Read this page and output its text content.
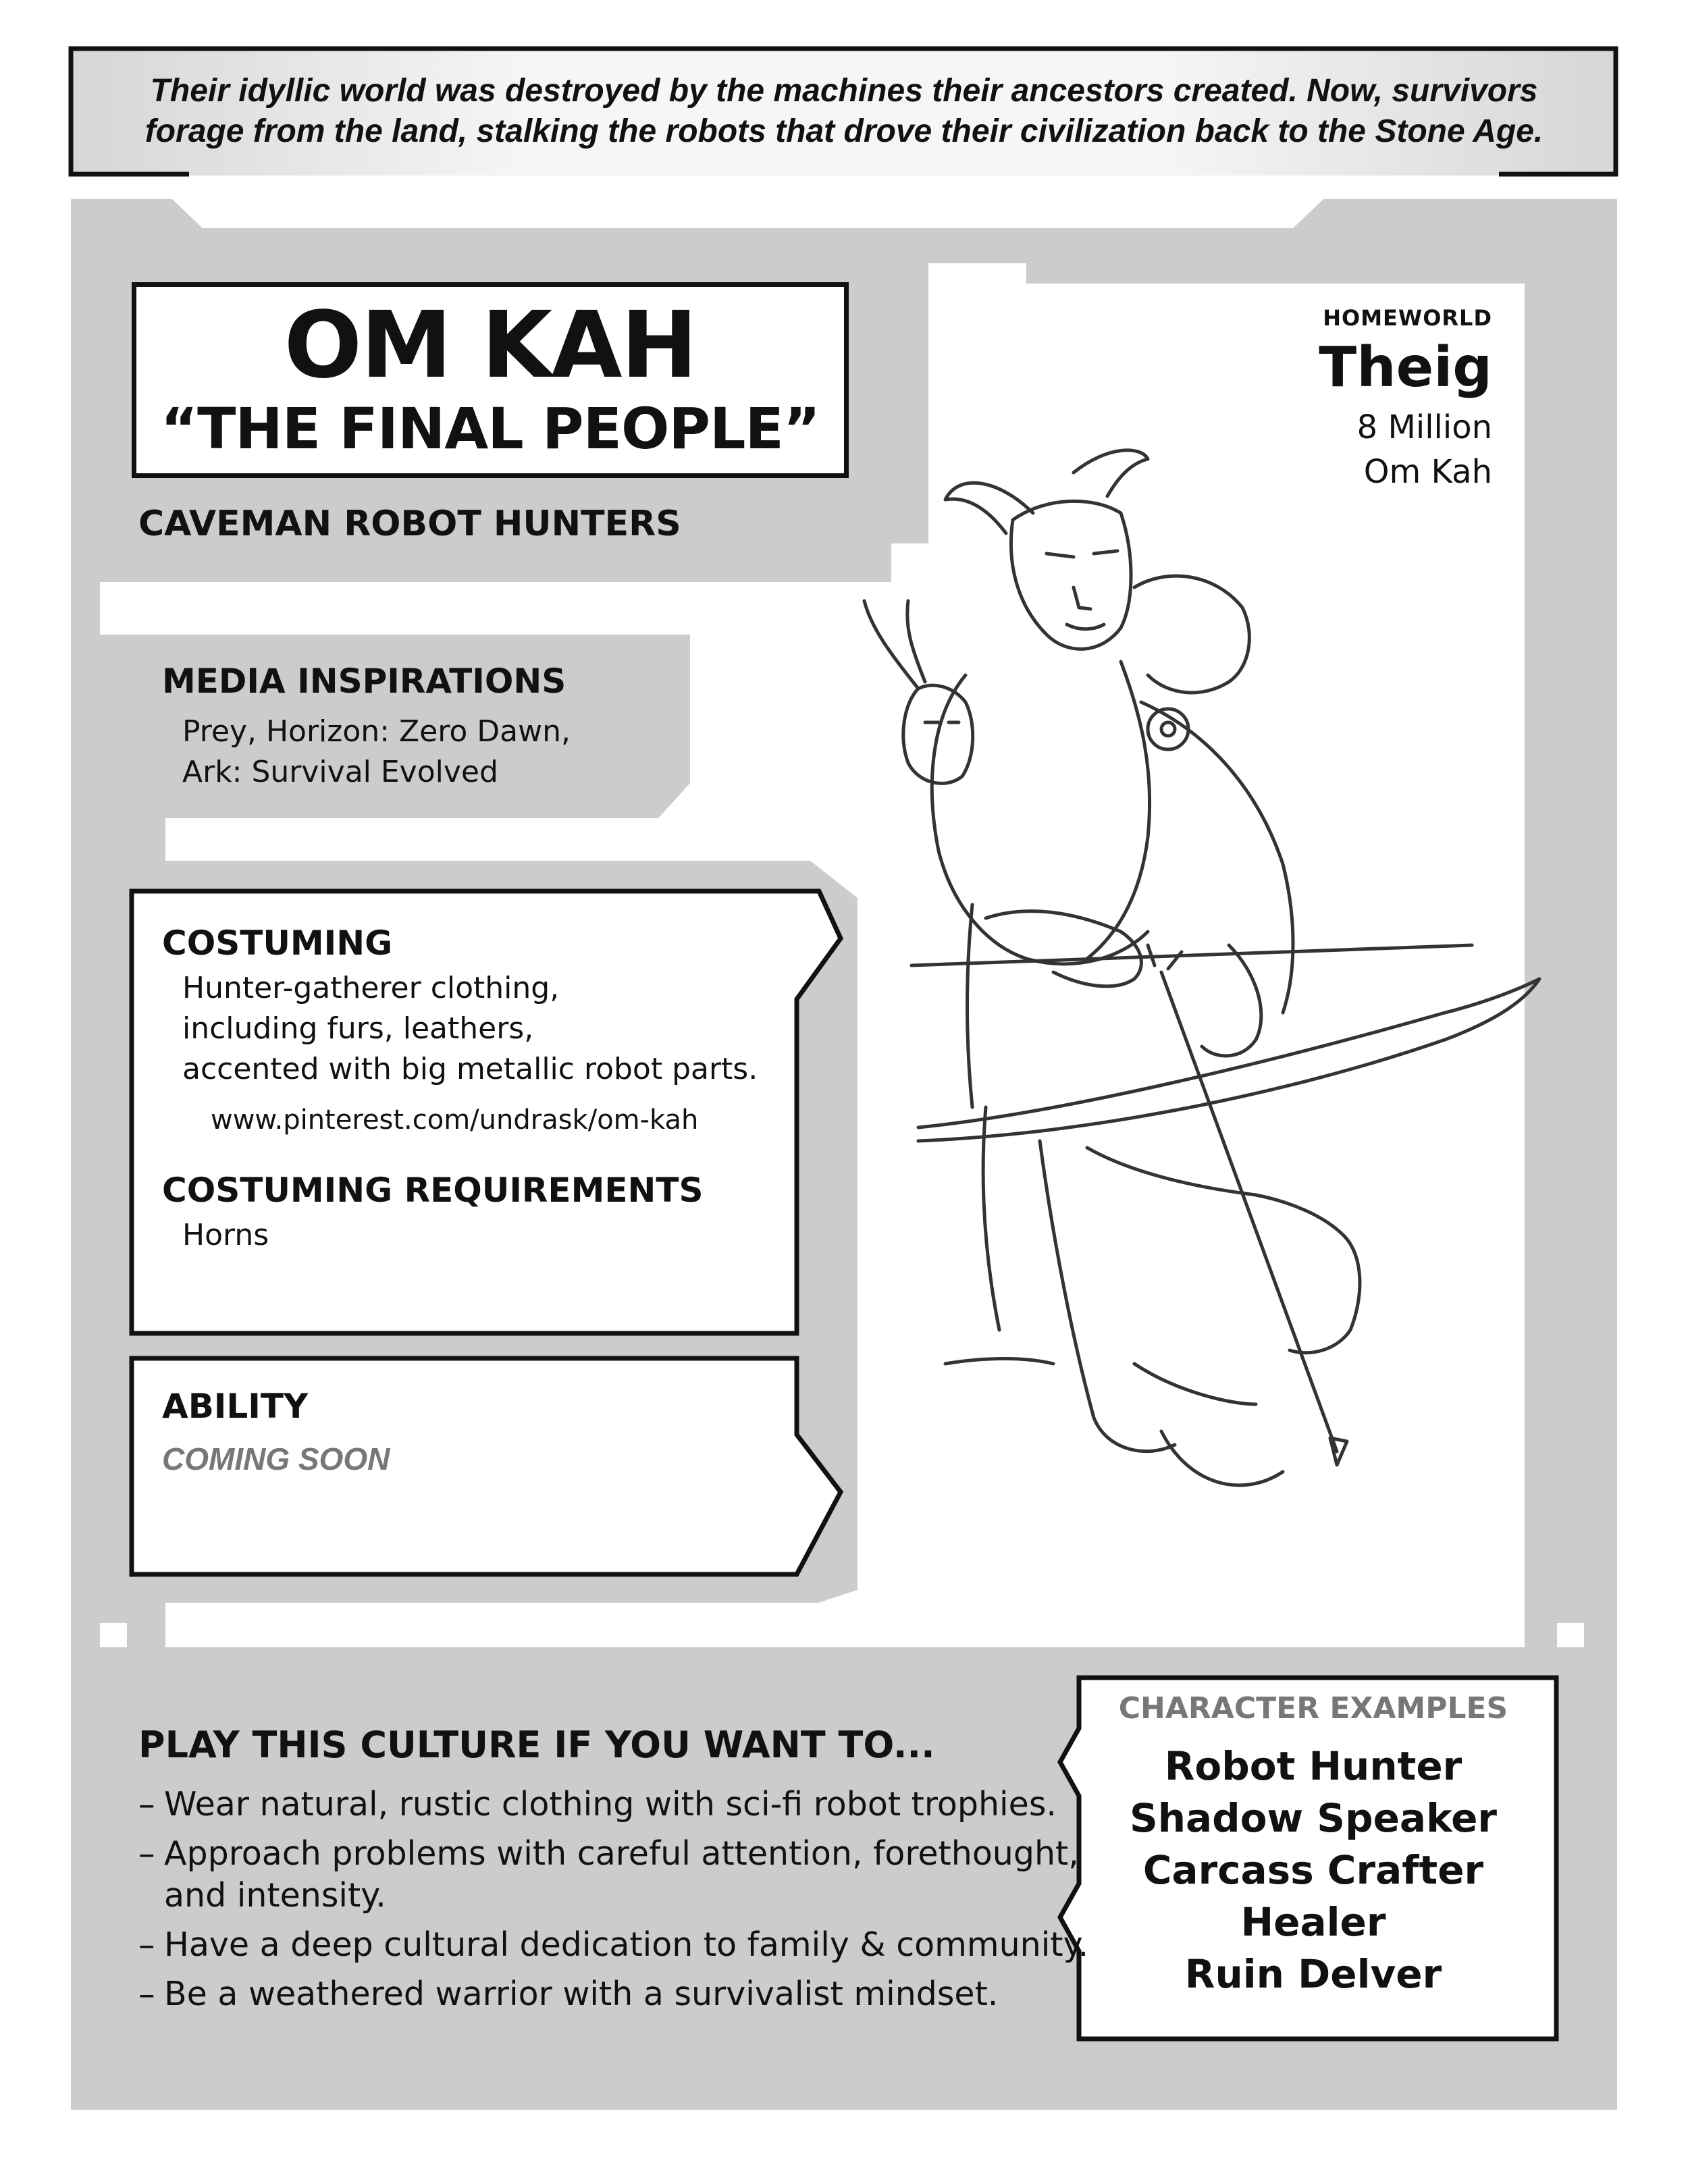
Their idyllic world was destroyed by the machines their ancestors created. Now, survivors

forage from the land, stalking the robots that drove their civilization back to the Stone Age.

OM KAH
“THE FINAL PEOPLE”
CAVEMAN ROBOT HUNTERS
HOMEWORLD
Theig
8 Million
Om Kah
MEDIA INSPIRATIONS
Prey, Horizon: Zero Dawn,
Ark: Survival Evolved
COSTUMING
Hunter-gatherer clothing,
including furs, leathers,
accented with big metallic robot parts.
www.pinterest.com/undrask/om-kah
COSTUMING REQUIREMENTS
Horns
ABILITY
COMING SOON
PLAY THIS CULTURE IF YOU WANT TO...
– Wear natural, rustic clothing with sci-fi robot trophies.
– Approach problems with careful attention, forethought, and intensity.
– Have a deep cultural dedication to family & community.
– Be a weathered warrior with a survivalist mindset.
CHARACTER EXAMPLES
Robot Hunter
Shadow Speaker
Carcass Crafter
Healer
Ruin Delver
